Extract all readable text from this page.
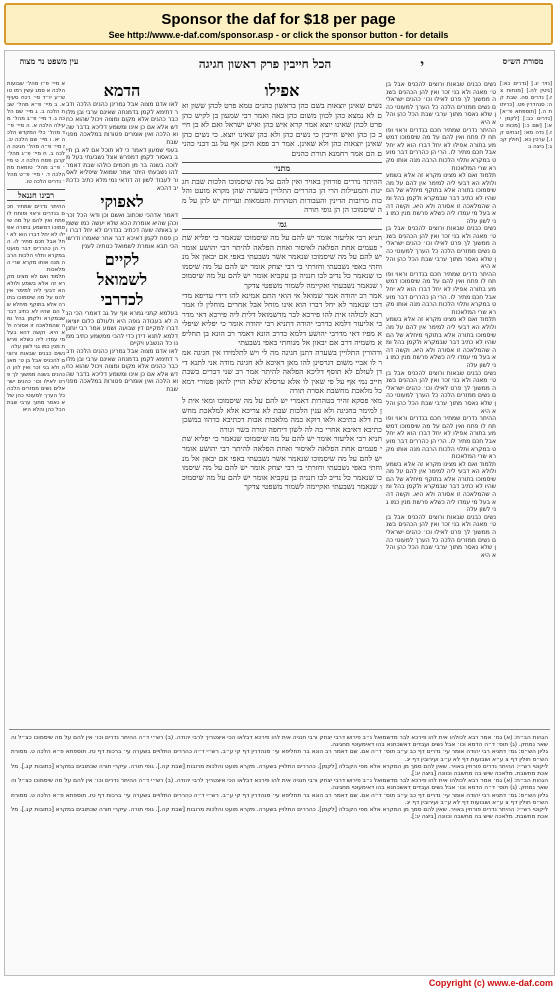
Sponsor the daf for $18 per page
See http://www.e-daf.com/sponsor.asp - or click the sponsor button - for details
מסורת הש״ס
י
הכל חייבין פרק ראשון חגיגה
עין משפט נר מצוה
[נזיר יג.] [נדרים כא:] [גיטין לה.] [מנחות צז.] נדרים סה. שבת קה: סנהדרין פט. [כריתות ה.] [תוספתא פ״א] [נדרים כב:] [לקמן יא:] [שם כ:] [מכות טז.] נדה מא: [זבחים קו.] ערכין כא. [חולין קכג:] ביצה ג:
נשים כבנים שבאות ורוצים להכניס אבל בן ט׳ מאנה ולא בני זכר ואין להן הכהנים בשנה ממשוך לך פרט לאילו וכו׳ כהנים ישראלים נשים ממזרים הלכה כל הערך למעוטי כהן שלא נאסר מתוך ערבי שבת הכל כהן והלא היא
ההיתר נדרים שמתיר חכם בנדרים וראוי ופותח לו פתח ואין להם על מה שיסמוכו דמשמע בתורה אפילו לא יחל דברו הוא לא יחל אבל חכם מתיר לו. הרי הן כהררים דבר מועט במקרא ותלוי הלכות הרבה מנה אותו מקרא שרי המלאכות
תלמוד ואם לא מצינו מקרא זה אלא בשמע ולולא הא דבעי ליה למימר אין להם על מה שיסמוכו בתורה אלא בתוקף מיחלא של הם שהיו לא כתיב דבר שבמקרא ולקמן בהל ומה שהמלאכה זו אסורה ולא היא. וקשה דהא בעל מי עמדו ליה כשלא פרשת מנין כמו גני לשון עלה
נשים כבנים שבאות ורוצים להכניס אבל בן ט׳ מאנה ולא בני זכר ואין להן הכהנים בשנה ממשוך לך פרט לאילו וכו׳ כהנים ישראלים נשים ממזרים הלכה כל הערך למעוטי כהן שלא נאסר מתוך ערבי שבת הכל כהן והלא היא
ההיתר נדרים שמתיר חכם בנדרים וראוי ופותח לו פתח ואין להם על מה שיסמוכו דמשמע בתורה אפילו לא יחל דברו הוא לא יחל אבל חכם מתיר לו. הרי הן כהררים דבר מועט במקרא ותלוי הלכות הרבה מנה אותו מקרא שרי המלאכות
תלמוד ואם לא מצינו מקרא זה אלא בשמע ולולא הא דבעי ליה למימר אין להם על מה שיסמוכו בתורה אלא בתוקף מיחלא של הם שהיו לא כתיב דבר שבמקרא ולקמן בהל ומה שהמלאכה זו אסורה ולא היא. וקשה דהא בעל מי עמדו ליה כשלא פרשת מנין כמו גני לשון עלה
נשים כבנים שבאות ורוצים להכניס אבל בן ט׳ מאנה ולא בני זכר ואין להן הכהנים בשנה ממשוך לך פרט לאילו וכו׳ כהנים ישראלים נשים ממזרים הלכה כל הערך למעוטי כהן שלא נאסר מתוך ערבי שבת הכל כהן והלא היא
ההיתר נדרים שמתיר חכם בנדרים וראוי ופותח לו פתח ואין להם על מה שיסמוכו דמשמע בתורה אפילו לא יחל דברו הוא לא יחל אבל חכם מתיר לו. הרי הן כהררים דבר מועט במקרא ותלוי הלכות הרבה מנה אותו מקרא שרי המלאכות
תלמוד ואם לא מצינו מקרא זה אלא בשמע ולולא הא דבעי ליה למימר אין להם על מה שיסמוכו בתורה אלא בתוקף מיחלא של הם שהיו לא כתיב דבר שבמקרא ולקמן בהל ומה שהמלאכה זו אסורה ולא היא. וקשה דהא בעל מי עמדו ליה כשלא פרשת מנין כמו גני לשון עלה
נשים כבנים שבאות ורוצים להכניס אבל בן ט׳ מאנה ולא בני זכר ואין להן הכהנים בשנה ממשוך לך פרט לאילו וכו׳ כהנים ישראלים נשים ממזרים הלכה כל הערך למעוטי כהן שלא נאסר מתוך ערבי שבת הכל כהן והלא היא
אפילו
נשים שאינן יוצאות בשם כהן בראשון כהנים טמא פרט לכהן ששון ואם לא נמצא כהן לכוון משום כהן באה ואמר רבי שמעון בן לקיש כהן פרט לכהן שאינו יוצא אמר קרא איש כהן ואיש ישראל ואם לא בן חייב כן כהן ואיש חייבין כי נשים כהן ולא כהן שאינו יוצא. כי נשים כהן שאינן יוצאות כהן ולא שאינן. אמר רב פפא היכן אף על גב דבני כהנים הם אמר רחמנא תורת כהנים
מתני׳
ההיתר נדרים פורחין באויר ואין להם על מה שיסמוכו הלכות שבת חגיגות והמעילות הרי הן כהררים התלויין בשערה שהן מקרא מועט והלכות מרובות הדינין והעבודות הטהרות והטמאות ועריות יש להן על מה שיסמוכו הן הן גופי תורה
גמ׳
תניא רבי אליעזר אומר יש להם על מה שיסמוכו שנאמר כי יפליא שתי פעמים אחת הפלאה לאיסור ואחת הפלאה להיתר רבי יהושע אומר יש להם על מה שיסמוכו שנאמר אשר נשבעתי באפי אם יבאון אל מנוחתי באפי נשבעתי וחזרתי בי רבי יצחק אומר יש להם על מה שיסמוכו שנאמר כל נדיב לבו חנניה בן עקביא אומר יש להם על מה שיסמוכו שנאמר נשבעתי ואקיימה לשמור משפטי צדקך
אמר רב יהודה אמר שמואל אי הואי התם אמינא להו דידי עדיפא מדידכו שנאמר לא יחל דברו הוא אינו מוחל אבל אחרים מוחלין לו אמר רבא לכולהו אית להו פירכא לבר מדשמואל דלית ליה פירכא דאי מדרבי אליעזר דלמא כדרבי יהודה דתניא רבי יהודה אומר כי יפליא שיפליא מפיו דאי מדרבי יהושע דלמא כדרב הונא דאמר רב הונא בן תחליפא משמיה דרב אם יבאון אל מנוחתי באפי נשבעתי
ודהורין התלויין בשערה דתנן חגיגה מה לי ויש לתלמידו אין חגיגה אמר לו אביי משום דגרסינן להו מאן דאיכא לא חגיגה מודה אני לתנא דידן לעולם לא תוסף דליכא הפלאה להיתר אמר רב שני דברים בשבת חייב נמי אף על פי שאין לו אלא ערסלא שלא הויין להאן פטורי דמא כל מלאכת מחשבת אסרה תורה
מאי פסקא זהיר בטהרות דאמרי יש להם על מה שיסמוכו ומאי אית לן למימר בחגיגה ולא ענין הלכות שבת לא צריכא אלא למלאכת מחשבת דלא כתיבא ולאו דוקא כמה מלאכות אבות דכתיבא כדהוו במשכן כתיבא דאיבא אחרי בה לה לשון דיחפה וגורה בשר וגורה
תניא רבי אליעזר אומר יש להם על מה שיסמוכו שנאמר כי יפליא שתי פעמים אחת הפלאה לאיסור ואחת הפלאה להיתר רבי יהושע אומר יש להם על מה שיסמוכו שנאמר אשר נשבעתי באפי אם יבאון אל מנוחתי באפי נשבעתי וחזרתי בי רבי יצחק אומר יש להם על מה שיסמוכו שנאמר כל נדיב לבו חנניה בן עקביא אומר יש להם על מה שיסמוכו שנאמר נשבעתי ואקיימה לשמור משפטי צדקך
הדמא
לאו אדם מצוה אבל גמרינן כהנים הלכה ודבר דתימא לקמן בדמנחה שאינם ערבי ובן מלוכבר כהנים אלא מקום ומצוה ויכול שהוא כחדש אלא אם כן אינו ומשמע דליכא בדבר שהוא הלכה ואין אומרים פטורות במלאכה מפני שבת
בעפי שמעון דאמר כי לא תוכל אם לא בן חייב באסור לקמן דמפרש אצל נשבעתי בעל מלוכה בשנה בר מן חכמים כולהו שבת דאמר להו נשבעתי היתר אמר שמואל שיפליא לאסור לעבוד לשון זה דודאי נמי מלא כתיב כדכתיב דהכא
לאפוקי
דאמר אדהכי שכתוב ואשם וכן ודאי הכל זכר וכהן שהיא אומרת הכא שלא יעשה כמו ששמע באותה שעה דכתיב בנדרים לא יחל דברו וכן פסח לקמן דאיכא דבר אחר שאמרו ודרשו הכי תבא אומרת לשמואל כנותיה לענין
לקיים
לשמואל
לכדרבי
בעלמא קתני גמרא אף על גב דאמרי הכי הנה לא בעבודה גופה היא ולעולם כלום יוציאו דברו למקיים דין שבועה ושמע אמר רבי יוחנן דלמא לתנא דידן כדי להכי ממשמע כתיב ממנו כל הנשבע ויקיים
לאו אדם מצוה אבל גמרינן כהנים הלכה ודבר דתימא לקמן בדמנחה שאינם ערבי ובן מלוכבר כהנים אלא מקום ומצוה ויכול שהוא כחדש אלא אם כן אינו ומשמע דליכא בדבר שהוא הלכה ואין אומרים פטורות במלאכה מפני שבת
א מיי׳ פ״ו מהל׳ שבועות הלכה א סמג עשין רמו טוש״ע יו״ד סי׳ רכח סעיף א. ב מיי׳ פ״א מהל׳ שבת הלכה ב. ג מיי׳ שם הלכה ג. ד מיי׳ פ״ב מהל׳ מעילה הלכה א. ה מיי׳ פ״ד מהל׳ כלי המקדש הלכה יא. ו מיי׳ שם הלכה יב. ז מיי׳ פ״ה מהל׳ חגיגה הלכה ב. ח מיי׳ פ״ג מהל׳ קרבן פסח הלכה ז. ט מיי׳ פ״ב מהל׳ טומאת מת הלכה ד. י מיי׳ פ״ט מהל׳ נדרים הלכה טו.
רבינו חננאל
ההיתר נדרים שמתיר חכם בנדרים וראוי ופותח לו פתח ואין להם על מה שיסמוכו דמשמע בתורה אפילו לא יחל דברו הוא לא יחל אבל חכם מתיר לו. הרי הן כהררים דבר מועט במקרא ותלוי הלכות הרבה מנה אותו מקרא שרי המלאכות
תלמוד ואם לא מצינו מקרא זה אלא בשמע ולולא הא דבעי ליה למימר אין להם על מה שיסמוכו בתורה אלא בתוקף מיחלא של הם שהיו לא כתיב דבר שבמקרא ולקמן בהל ומה שהמלאכה זו אסורה ולא היא. וקשה דהא בעל מי עמדו ליה כשלא פרשת מנין כמו גני לשון עלה
נשים כבנים שבאות ורוצים להכניס אבל בן ט׳ מאנה ולא בני זכר ואין להן הכהנים בשנה ממשוך לך פרט לאילו וכו׳ כהנים ישראלים נשים ממזרים הלכה כל הערך למעוטי כהן שלא נאסר מתוך ערבי שבת הכל כהן והלא היא
הגהות הב״ח: (א) גמ׳ אמר רבא לכולהו אית להו פירכא לבר מדשמואל נ״ב פירוש דרבי יצחק ורבי חנניה אית להו פירכא דבלאו הכי איצטריך לרבי יהודה. (ב) רש״י ד״ה ההיתר נדרים וכו׳ אין להם על מה שיסמוכו כצ״ל והשאר נמחק. (ג) תוס׳ ד״ה הדמא וכו׳ אבל נשים ועבדים דאשכחנא בהו דאימעוטי מחגיגה.
גליון הש״ס: גמ׳ דתניא רבי יהודה אומר עי׳ נדרים דף כב ע״ב תוס׳ ד״ה אם. שם דאמר רב הונא בר תחליפא עי׳ סנהדרין דף קי ע״ב. רש״י ד״ה כהררים התלויים בשערה עי׳ ברכות דף טז. תוספתא פ״א הלכה ט. מסורת הש״ס חולין דף צ ע״א ושבועות דף לא ע״ב ועירובין דף יג.
ליקוטי רש״י: ההיתר נדרים פורחין באויר. שאין להם סמך מן המקרא אלא מפי הקבלה [לקמן]. כהררים התלויין בשערה. מקרא מועט והלכות מרובות [שבת קה.]. גופי תורה. עיקרי תורה שכתובים במקרא [כתובות קג.]. מלאכת מחשבת. מלאכה שיש בה מחשבה וכוונה [ביצה יג:].
הגהות הב״ח: (א) גמ׳ אמר רבא לכולהו אית להו פירכא לבר מדשמואל נ״ב פירוש דרבי יצחק ורבי חנניה אית להו פירכא דבלאו הכי איצטריך לרבי יהודה. (ב) רש״י ד״ה ההיתר נדרים וכו׳ אין להם על מה שיסמוכו כצ״ל והשאר נמחק. (ג) תוס׳ ד״ה הדמא וכו׳ אבל נשים ועבדים דאשכחנא בהו דאימעוטי מחגיגה.
גליון הש״ס: גמ׳ דתניא רבי יהודה אומר עי׳ נדרים דף כב ע״ב תוס׳ ד״ה אם. שם דאמר רב הונא בר תחליפא עי׳ סנהדרין דף קי ע״ב. רש״י ד״ה כהררים התלויים בשערה עי׳ ברכות דף טז. תוספתא פ״א הלכה ט. מסורת הש״ס חולין דף צ ע״א ושבועות דף לא ע״ב ועירובין דף יג.
ליקוטי רש״י: ההיתר נדרים פורחין באויר. שאין להם סמך מן המקרא אלא מפי הקבלה [לקמן]. כהררים התלויין בשערה. מקרא מועט והלכות מרובות [שבת קה.]. גופי תורה. עיקרי תורה שכתובים במקרא [כתובות קג.]. מלאכת מחשבת. מלאכה שיש בה מחשבה וכוונה [ביצה יג:].
Copyright (c) www.e-daf.com
